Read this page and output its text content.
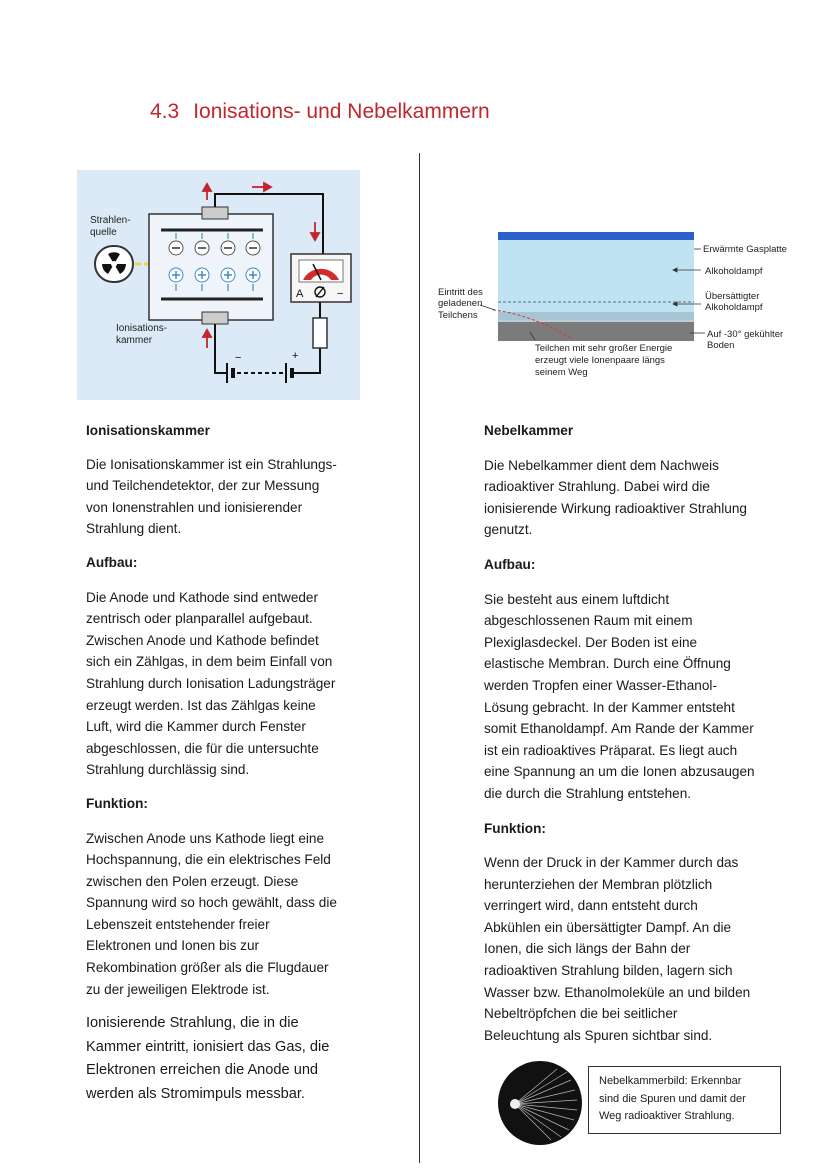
4.3 Ionisations- und Nebelkammern
Strahlen-
quelle
A	−
−	+
Ionisations-
kammer
Erwärmte Gasplatte
Alkoholdampf
Übersättigter
Alkoholdampf
Auf -30° gekühlter
Boden
Eintritt des
geladenen
Teilchens
Teilchen mit sehr großer Energie
erzeugt viele Ionenpaare längs
seinem Weg

Ionisationskammer

Die Ionisationskammer ist ein Strahlungs-

und Teilchendetektor, der zur Messung

von Ionenstrahlen und ionisierender

Strahlung dient.

Aufbau:

Die Anode und Kathode sind entweder

zentrisch oder planparallel aufgebaut.

Zwischen Anode und Kathode befindet

sich ein Zählgas, in dem beim Einfall von

Strahlung durch Ionisation Ladungsträger

erzeugt werden. Ist das Zählgas keine

Luft, wird die Kammer durch Fenster

abgeschlossen, die für die untersuchte

Strahlung durchlässig sind.

Funktion:

Zwischen Anode uns Kathode liegt eine

Hochspannung, die ein elektrisches Feld

zwischen den Polen erzeugt. Diese

Spannung wird so hoch gewählt, dass die

Lebenszeit entstehender freier

Elektronen und Ionen bis zur

Rekombination größer als die Flugdauer

zu der jeweiligen Elektrode ist.

Ionisierende Strahlung, die in die

Kammer eintritt, ionisiert das Gas, die

Elektronen erreichen die Anode und

werden als Stromimpuls messbar.

Nebelkammer

Die Nebelkammer dient dem Nachweis

radioaktiver Strahlung. Dabei wird die

ionisierende Wirkung radioaktiver Strahlung

genutzt.

Aufbau:

Sie besteht aus einem luftdicht

abgeschlossenen Raum mit einem

Plexiglasdeckel. Der Boden ist eine

elastische Membran. Durch eine Öffnung

werden Tropfen einer Wasser-Ethanol-

Lösung gebracht. In der Kammer entsteht

somit Ethanoldampf. Am Rande der Kammer

ist ein radioaktives Präparat. Es liegt auch

eine Spannung an um die Ionen abzusaugen

die durch die Strahlung entstehen.

Funktion:

Wenn der Druck in der Kammer durch das

herunterziehen der Membran plötzlich

verringert wird, dann entsteht durch

Abkühlen ein übersättigter Dampf. An die

Ionen, die sich längs der Bahn der

radioaktiven Strahlung bilden, lagern sich

Wasser bzw. Ethanolmoleküle an und bilden

Nebeltröpfchen die bei seitlicher

Beleuchtung als Spuren sichtbar sind.

Nebelkammerbild: Erkennbar
sind die Spuren und damit der
Weg radioaktiver Strahlung.
